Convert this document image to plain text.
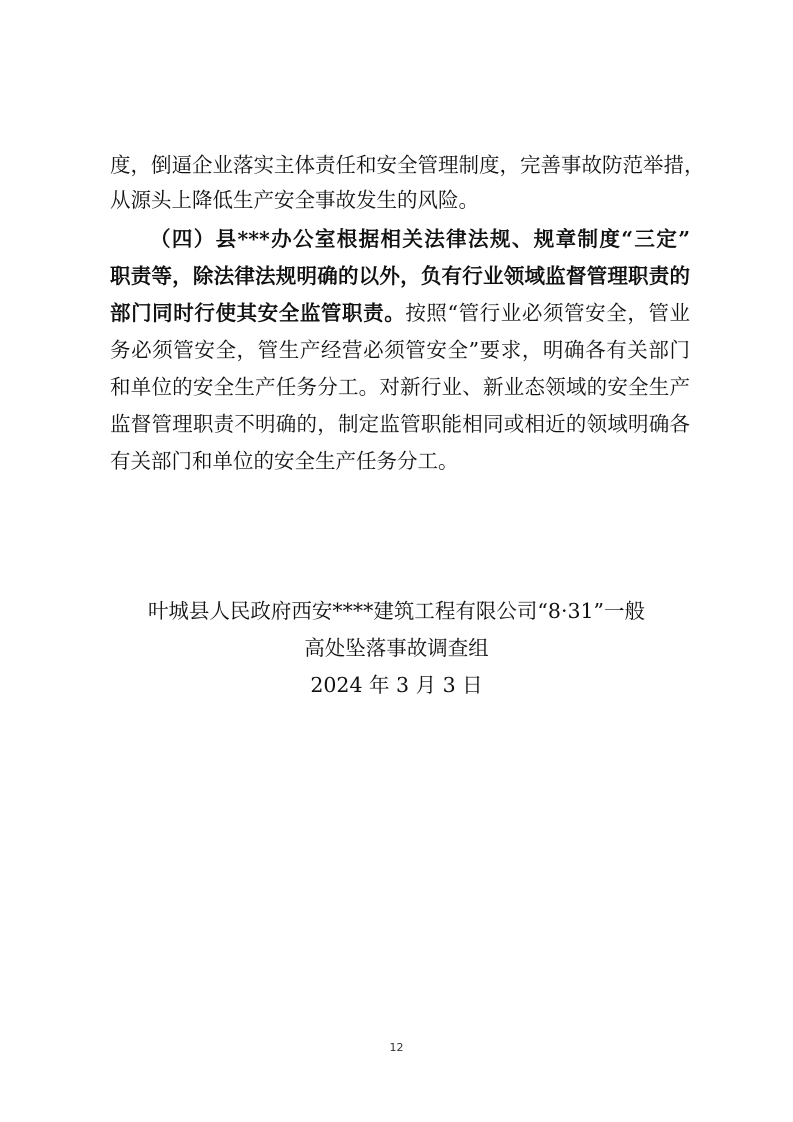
度，倒逼企业落实主体责任和安全管理制度，完善事故防范举措，
从源头上降低生产安全事故发生的风险。
（四）县***办公室根据相关法律法规、规章制度“三定”
职责等，除法律法规明确的以外，负有行业领域监督管理职责的
部门同时行使其安全监管职责。按照“管行业必须管安全，管业
务必须管安全，管生产经营必须管安全”要求，明确各有关部门
和单位的安全生产任务分工。对新行业、新业态领域的安全生产
监督管理职责不明确的，制定监管职能相同或相近的领域明确各
有关部门和单位的安全生产任务分工。
叶城县人民政府西安****建筑工程有限公司“8·31”一般
高处坠落事故调查组
2024 年 3 月 3 日
12
